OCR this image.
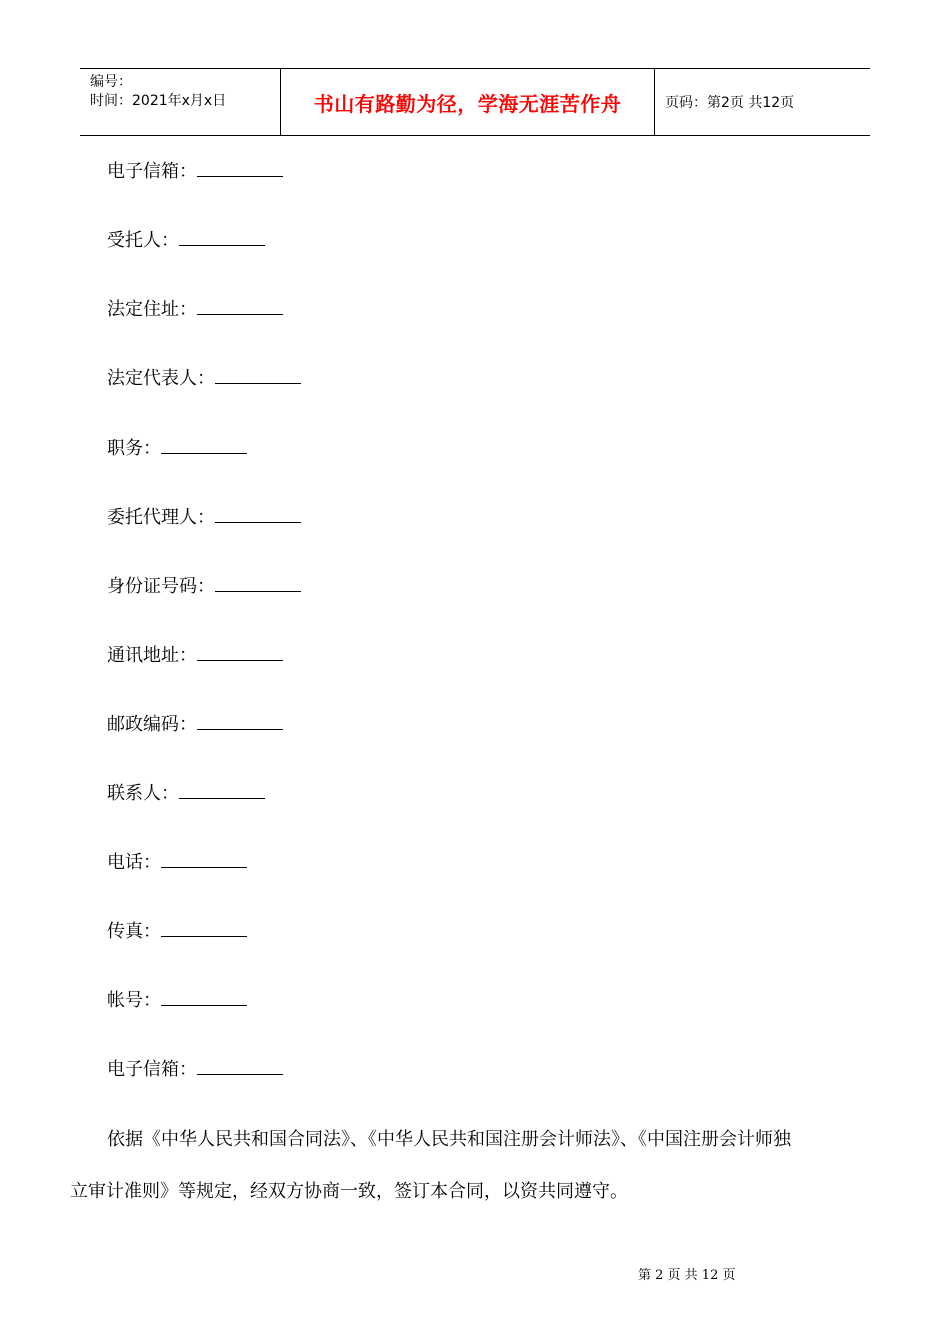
编号：
时间：2021年x月x日	书山有路勤为径，学海无涯苦作舟	页码：第2页 共12页
电子信箱：
受托人：
法定住址：
法定代表人：
职务：
委托代理人：
身份证号码：
通讯地址：
邮政编码：
联系人：
电话：
传真：
帐号：
电子信箱：
依据《中华人民共和国合同法》、《中华人民共和国注册会计师法》、《中国注册会计师独
立审计准则》等规定，经双方协商一致，签订本合同，以资共同遵守。
第 2 页 共 12 页
